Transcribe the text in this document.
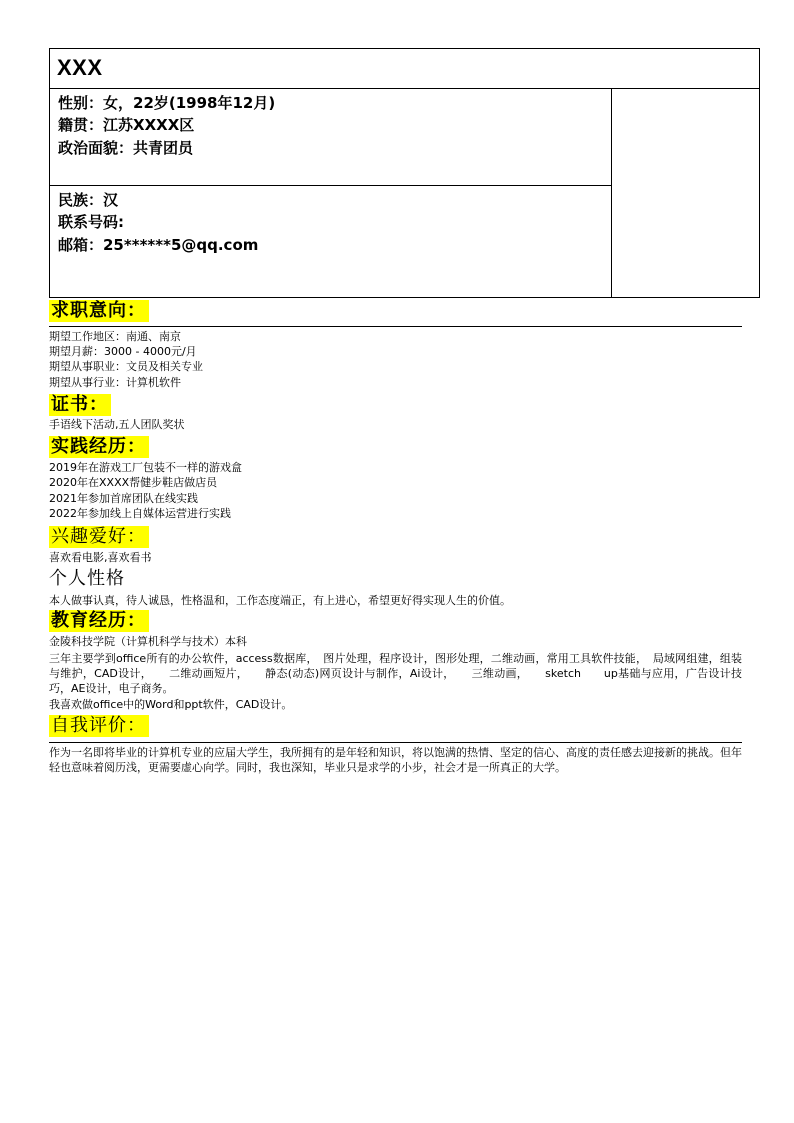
XXX
性别：女，22岁(1998年12月)
籍贯：江苏XXXX区
政治面貌：共青团员
民族：汉
联系号码:
邮箱：25******5@qq.com
求职意向：
期望工作地区：南通、南京
期望月薪：3000 - 4000元/月
期望从事职业：文员及相关专业
期望从事行业：计算机软件
证书：
手语线下活动,五人团队奖状
实践经历：
2019年在游戏工厂包装不一样的游戏盒
2020年在XXXX帮健步鞋店做店员
2021年参加首席团队在线实践
2022年参加线上自媒体运营进行实践
兴趣爱好：
喜欢看电影,喜欢看书
个人性格
本人做事认真，待人诚恳，性格温和，工作态度端正，有上进心，希望更好得实现人生的价值。
教育经历：
金陵科技学院（计算机科学与技术）本科
三年主要学到office所有的办公软件，access数据库，　图片处理，程序设计，图形处理，二维动画，常用工具软件技能，　局域网组建，组装与维护，CAD设计，　　二维动画短片，　　静态(动态)网页设计与制作，Ai设计，　　三维动画，　　sketch　　up基础与应用，广告设计技巧，AE设计，电子商务。
我喜欢做office中的Word和ppt软件，CAD设计。
自我评价：
作为一名即将毕业的计算机专业的应届大学生，我所拥有的是年轻和知识，将以饱满的热情、坚定的信心、高度的责任感去迎接新的挑战。但年轻也意味着阅历浅，更需要虚心向学。同时，我也深知，毕业只是求学的小步，社会才是一所真正的大学。
